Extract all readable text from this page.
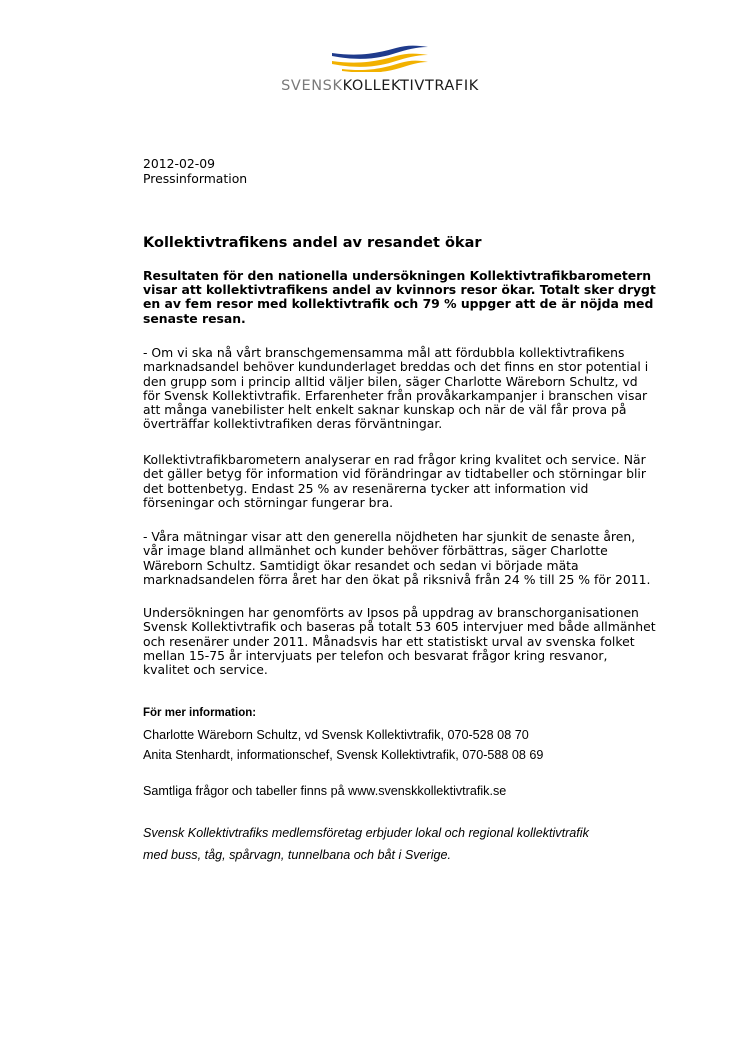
SVENSKKOLLEKTIVTRAFIK
2012-02-09
Pressinformation
Kollektivtrafikens andel av resandet ökar
Resultaten för den nationella undersökningen Kollektivtrafikbarometern
visar att kollektivtrafikens andel av kvinnors resor ökar. Totalt sker drygt
en av fem resor med kollektivtrafik och 79 % uppger att de är nöjda med
senaste resan.
- Om vi ska nå vårt branschgemensamma mål att fördubbla kollektivtrafikens
marknadsandel behöver kundunderlaget breddas och det finns en stor potential i
den grupp som i princip alltid väljer bilen, säger Charlotte Wäreborn Schultz, vd
för Svensk Kollektivtrafik. Erfarenheter från provåkarkampanjer i branschen visar
att många vanebilister helt enkelt saknar kunskap och när de väl får prova på
överträffar kollektivtrafiken deras förväntningar.
Kollektivtrafikbarometern analyserar en rad frågor kring kvalitet och service. När
det gäller betyg för information vid förändringar av tidtabeller och störningar blir
det bottenbetyg. Endast 25 % av resenärerna tycker att information vid
förseningar och störningar fungerar bra.
- Våra mätningar visar att den generella nöjdheten har sjunkit de senaste åren,
vår image bland allmänhet och kunder behöver förbättras, säger Charlotte
Wäreborn Schultz. Samtidigt ökar resandet och sedan vi började mäta
marknadsandelen förra året har den ökat på riksnivå från 24 % till 25 % för 2011.
Undersökningen har genomförts av Ipsos på uppdrag av branschorganisationen
Svensk Kollektivtrafik och baseras på totalt 53 605 intervjuer med både allmänhet
och resenärer under 2011. Månadsvis har ett statistiskt urval av svenska folket
mellan 15-75 år intervjuats per telefon och besvarat frågor kring resvanor,
kvalitet och service.
För mer information:
Charlotte Wäreborn Schultz, vd Svensk Kollektivtrafik, 070-528 08 70
Anita Stenhardt, informationschef, Svensk Kollektivtrafik, 070-588 08 69
Samtliga frågor och tabeller finns på www.svenskkollektivtrafik.se
Svensk Kollektivtrafiks medlemsföretag erbjuder lokal och regional kollektivtrafik
med buss, tåg, spårvagn, tunnelbana och båt i Sverige.
